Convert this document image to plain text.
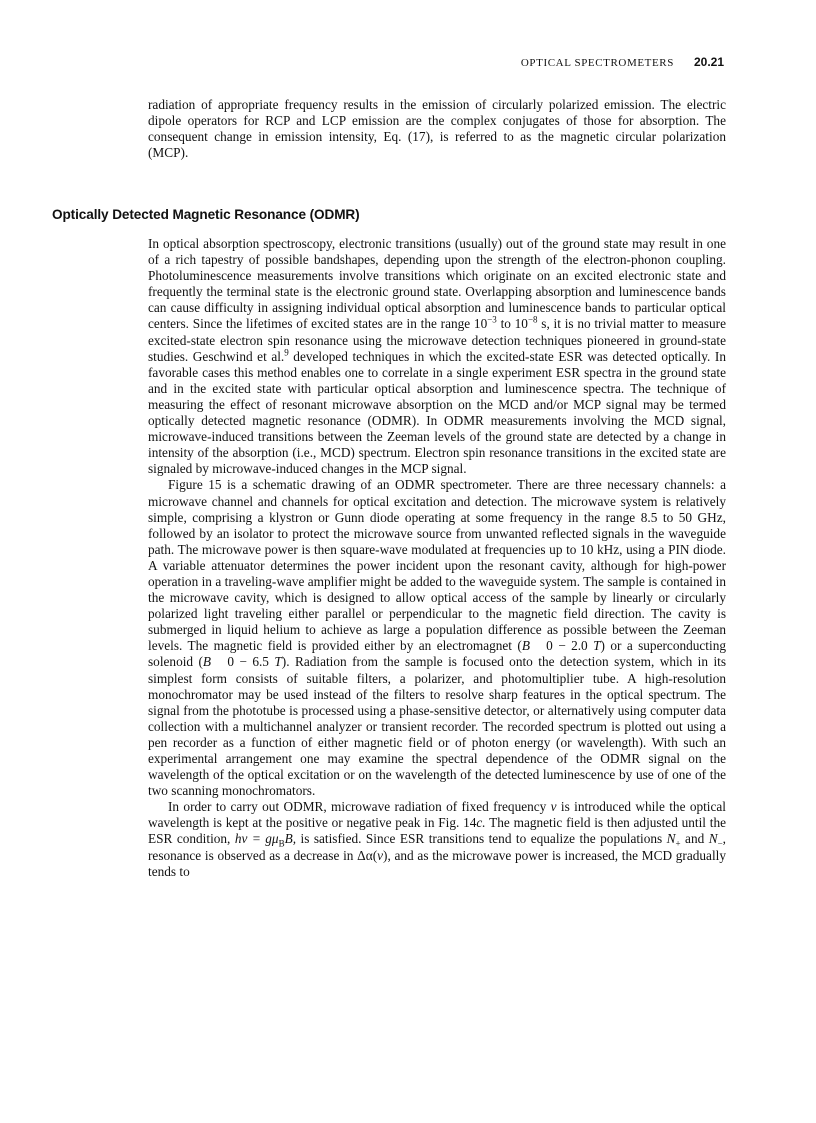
OPTICAL SPECTROMETERS 20.21

radiation of appropriate frequency results in the emission of circularly polarized emission. The electric dipole operators for RCP and LCP emission are the complex conjugates of those for absorption. The consequent change in emission intensity, Eq. (17), is referred to as the magnetic circular polarization (MCP).

Optically Detected Magnetic Resonance (ODMR)

In optical absorption spectroscopy, electronic transitions (usually) out of the ground state may result in one of a rich tapestry of possible bandshapes, depending upon the strength of the electron-phonon coupling. Photoluminescence measurements involve transitions which originate on an excited electronic state and frequently the terminal state is the electronic ground state. Overlapping absorption and luminescence bands can cause difficulty in assigning individual optical absorption and luminescence bands to particular optical centers. Since the lifetimes of excited states are in the range $10^{-3}$ to $10^{-8}$ s, it is no trivial matter to measure excited-state electron spin resonance using the microwave detection techniques pioneered in ground-state studies. Geschwind et al.$^9$ developed techniques in which the excited-state ESR was detected optically. In favorable cases this method enables one to correlate in a single experiment ESR spectra in the ground state and in the excited state with particular optical absorption and luminescence spectra. The technique of measuring the effect of resonant microwave absorption on the MCD and/or MCP signal may be termed optically detected magnetic resonance (ODMR). In ODMR measurements involving the MCD signal, microwave-induced transitions between the Zeeman levels of the ground state are detected by a change in intensity of the absorption (i.e., MCD) spectrum. Electron spin resonance transitions in the excited state are signaled by microwave-induced changes in the MCP signal.

Figure 15 is a schematic drawing of an ODMR spectrometer. There are three necessary channels: a microwave channel and channels for optical excitation and detection. The microwave system is relatively simple, comprising a klystron or Gunn diode operating at some frequency in the range 8.5 to 50 GHz, followed by an isolator to protect the microwave source from unwanted reflected signals in the waveguide path. The microwave power is then square-wave modulated at frequencies up to 10 kHz, using a PIN diode. A variable attenuator determines the power incident upon the resonant cavity, although for high-power operation in a traveling-wave amplifier might be added to the waveguide system. The sample is contained in the microwave cavity, which is designed to allow optical access of the sample by linearly or circularly polarized light traveling either parallel or perpendicular to the magnetic field direction. The cavity is submerged in liquid helium to achieve as large a population difference as possible between the Zeeman levels. The magnetic field is provided either by an electromagnet (B   0 − 2.0 T) or a superconducting solenoid (B   0 − 6.5 T). Radiation from the sample is focused onto the detection system, which in its simplest form consists of suitable filters, a polarizer, and photomultiplier tube. A high-resolution monochromator may be used instead of the filters to resolve sharp features in the optical spectrum. The signal from the phototube is processed using a phase-sensitive detector, or alternatively using computer data collection with a multichannel analyzer or transient recorder. The recorded spectrum is plotted out using a pen recorder as a function of either magnetic field or of photon energy (or wavelength). With such an experimental arrangement one may examine the spectral dependence of the ODMR signal on the wavelength of the optical excitation or on the wavelength of the detected luminescence by use of one of the two scanning monochromators.

In order to carry out ODMR, microwave radiation of fixed frequency ν is introduced while the optical wavelength is kept at the positive or negative peak in Fig. 14c. The magnetic field is then adjusted until the ESR condition, $h\nu = g\mu_BB$, is satisfied. Since ESR transitions tend to equalize the populations $N_+$ and $N_-$, resonance is observed as a decrease in Δα(ν), and as the microwave power is increased, the MCD gradually tends to
